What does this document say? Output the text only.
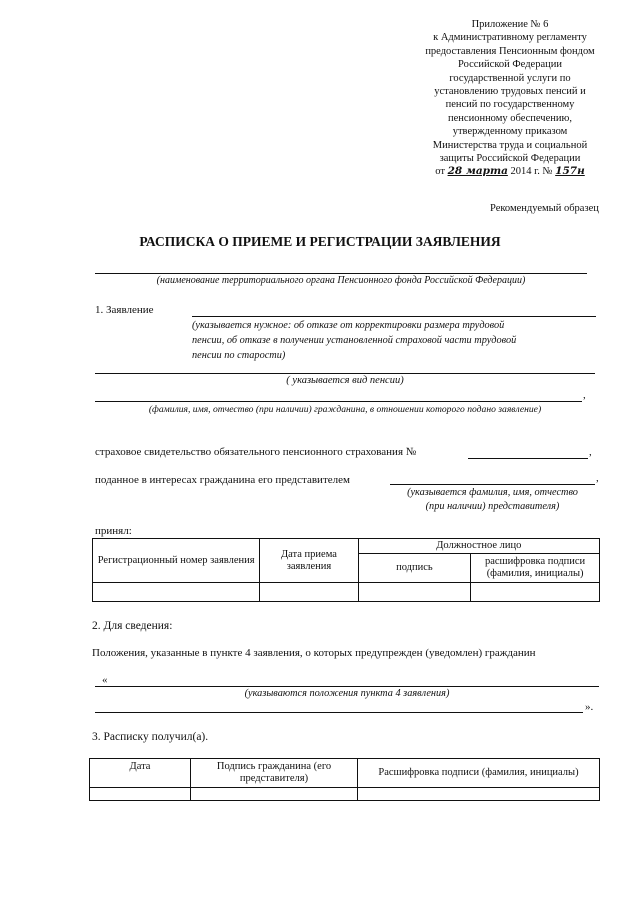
Приложение № 6
к Административному регламенту
предоставления Пенсионным фондом
Российской Федерации
государственной услуги по
установлению трудовых пенсий и
пенсий по государственному
пенсионному обеспечению,
утвержденному приказом
Министерства труда и социальной
защиты Российской Федерации
от 28 марта 2014 г. № 157н
Рекомендуемый образец
РАСПИСКА О ПРИЕМЕ И РЕГИСТРАЦИИ ЗАЯВЛЕНИЯ
(наименование территориального органа Пенсионного фонда Российской Федерации)
1. Заявление
(указывается нужное: об отказе от корректировки размера трудовой
пенсии, об отказе в получении установленной страховой части трудовой
пенсии по старости)
( указывается вид пенсии)
,
(фамилия, имя, отчество (при наличии) гражданина, в отношении которого подано заявление)
страховое свидетельство обязательного пенсионного страхования №	,
поданное в интересах гражданина его представителем	,
(указывается фамилия, имя, отчество
(при наличии) представителя)
принял:
Регистрационный номер заявления	Дата приема заявления	Должностное лицо	
		подпись	расшифровка подписи (фамилия, инициалы)

2. Для сведения:
Положения, указанные в пункте 4 заявления, о которых предупрежден (уведомлен) гражданин
«
(указываются положения пункта 4 заявления)
».
3. Расписку получил(а).
Дата	Подпись гражданина (его представителя)	Расшифровка подписи (фамилия, инициалы)
